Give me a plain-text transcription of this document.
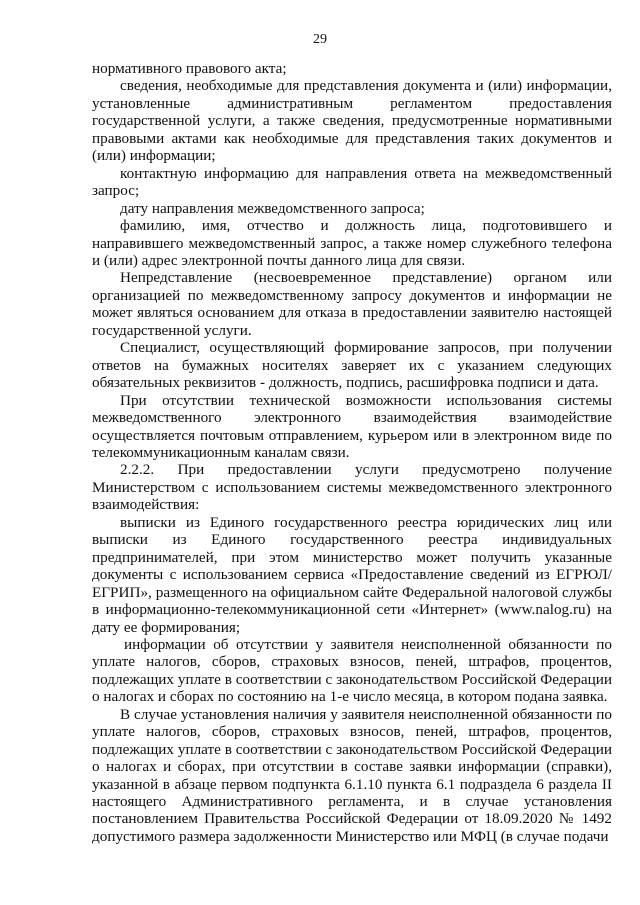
29

нормативного правового акта;

сведения, необходимые для представления документа и (или) информации, установленные административным регламентом предоставления государственной услуги, а также сведения, предусмотренные нормативными правовыми актами как необходимые для представления таких документов и (или) информации;

контактную информацию для направления ответа на межведомственный запрос;

дату направления межведомственного запроса;

фамилию, имя, отчество и должность лица, подготовившего и направившего межведомственный запрос, а также номер служебного телефона и (или) адрес электронной почты данного лица для связи.

Непредставление (несвоевременное представление) органом или организацией по межведомственному запросу документов и информации не может являться основанием для отказа в предоставлении заявителю настоящей государственной услуги.

Специалист, осуществляющий формирование запросов, при получении ответов на бумажных носителях заверяет их с указанием следующих обязательных реквизитов - должность, подпись, расшифровка подписи и дата.

При отсутствии технической возможности использования системы межведомственного электронного взаимодействия взаимодействие осуществляется почтовым отправлением, курьером или в электронном виде по телекоммуникационным каналам связи.

2.2.2. При предоставлении услуги предусмотрено получение Министерством с использованием системы межведомственного электронного взаимодействия:

выписки из Единого государственного реестра юридических лиц или выписки из Единого государственного реестра индивидуальных предпринимателей, при этом министерство может получить указанные документы с использованием сервиса «Предоставление сведений из ЕГРЮЛ/ЕГРИП», размещенного на официальном сайте Федеральной налоговой службы в информационно-телекоммуникационной сети «Интернет» (www.nalog.ru) на дату ее формирования;

информации об отсутствии у заявителя неисполненной обязанности по уплате налогов, сборов, страховых взносов, пеней, штрафов, процентов, подлежащих уплате в соответствии с законодательством Российской Федерации о налогах и сборах по состоянию на 1-е число месяца, в котором подана заявка.

В случае установления наличия у заявителя неисполненной обязанности по уплате налогов, сборов, страховых взносов, пеней, штрафов, процентов, подлежащих уплате в соответствии с законодательством Российской Федерации о налогах и сборах, при отсутствии в составе заявки информации (справки), указанной в абзаце первом подпункта 6.1.10 пункта 6.1 подраздела 6 раздела II настоящего Административного регламента, и в случае установления постановлением Правительства Российской Федерации от 18.09.2020 № 1492 допустимого размера задолженности Министерство или МФЦ (в случае подачи
